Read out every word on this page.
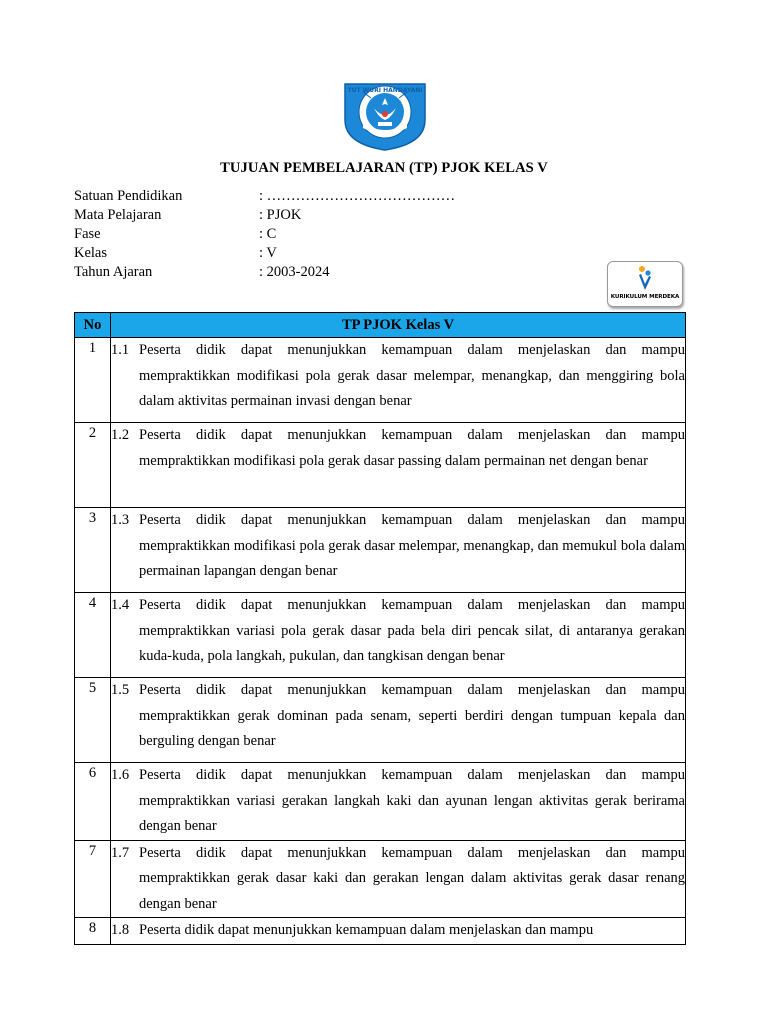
TUT WURI HANDAYANI
TUJUAN PEMBELAJARAN (TP) PJOK KELAS V
Satuan Pendidikan	: …………………………………
Mata Pelajaran	: PJOK
Fase	: C
Kelas	: V
Tahun Ajaran	: 2003-2024
KURIKULUM MERDEKA
No	TP PJOK Kelas V
1	1.1 Peserta didik dapat menunjukkan kemampuan dalam menjelaskan dan mampu mempraktikkan modifikasi pola gerak dasar melempar, menangkap, dan menggiring bola dalam aktivitas permainan invasi dengan benar

2	1.2 Peserta didik dapat menunjukkan kemampuan dalam menjelaskan dan mampu mempraktikkan modifikasi pola gerak dasar passing dalam permainan net dengan benar

3	1.3 Peserta didik dapat menunjukkan kemampuan dalam menjelaskan dan mampu mempraktikkan modifikasi pola gerak dasar melempar, menangkap, dan memukul bola dalam permainan lapangan dengan benar

4	1.4 Peserta didik dapat menunjukkan kemampuan dalam menjelaskan dan mampu mempraktikkan variasi pola gerak dasar pada bela diri pencak silat, di antaranya gerakan kuda-kuda, pola langkah, pukulan, dan tangkisan dengan benar

5	1.5 Peserta didik dapat menunjukkan kemampuan dalam menjelaskan dan mampu mempraktikkan gerak dominan pada senam, seperti berdiri dengan tumpuan kepala dan berguling dengan benar

6	1.6 Peserta didik dapat menunjukkan kemampuan dalam menjelaskan dan mampu mempraktikkan variasi gerakan langkah kaki dan ayunan lengan aktivitas gerak berirama dengan benar

7	1.7 Peserta didik dapat menunjukkan kemampuan dalam menjelaskan dan mampu mempraktikkan gerak dasar kaki dan gerakan lengan dalam aktivitas gerak dasar renang dengan benar

8	1.8 Peserta didik dapat menunjukkan kemampuan dalam menjelaskan dan mampu
